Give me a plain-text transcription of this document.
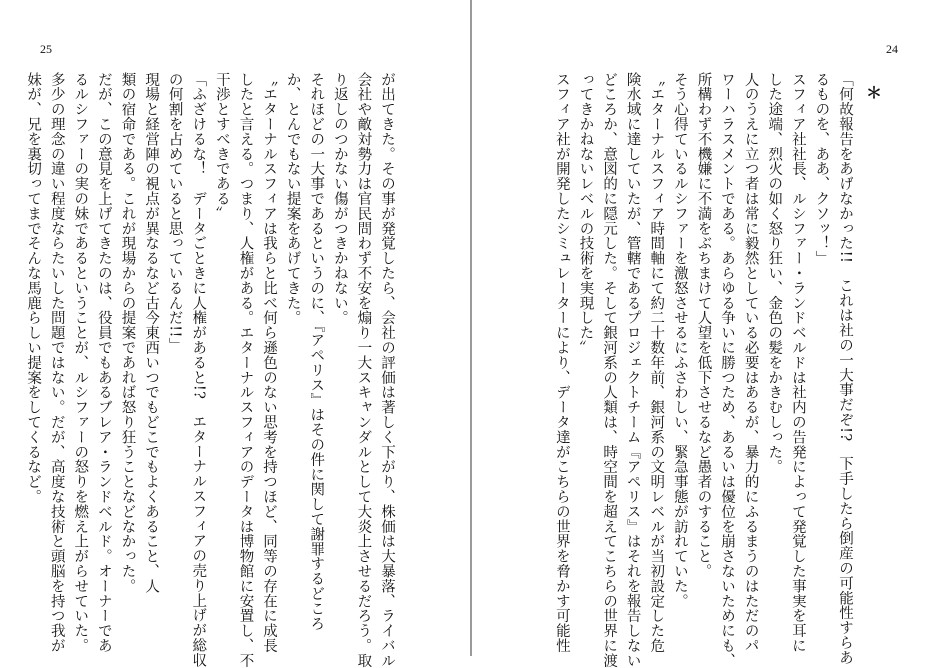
25
が出てきた。その事が発覚したら、会社の評価は著しく下がり、株価は大暴落、ライバル
会社や敵対勢力は官民問わず不安を煽り一大スキャンダルとして大炎上させるだろう。取
り返しのつかない傷がつきかねない。
それほどの一大事であるというのに、『アペリス』はその件に関して謝罪するどころ
か、とんでもない提案をあげてきた。
〝エターナルスフィアは我らと比べ何ら遜色のない思考を持つほど、同等の存在に成長
したと言える。つまり、人権がある。エターナルスフィアのデータは博物館に安置し、不
干渉とすべきである〟
「ふざけるな！　データごときに人権があると!?　エターナルスフィアの売り上げが総収
の何割を占めていると思っているんだ!!」
現場と経営陣の視点が異なるなど古今東西いつでもどこでもよくあること、人
類の宿命である。これが現場からの提案であれば怒り狂うことなどなかった。
だが、この意見を上げてきたのは、役員でもあるブレア・ランドベルド。オーナーであ
るルシファーの実の妹であるということが、ルシファーの怒りを燃え上がらせていた。
多少の理念の違い程度ならたいした問題ではない。だが、高度な技術と頭脳を持つ我が
妹が、兄を裏切ってまでそんな馬鹿らしい提案をしてくるなど。
24
＊
「何故報告をあげなかった!!　これは社の一大事だぞ!?　下手したら倒産の可能性すらあ
るものを、ああ、クソッ！」
スフィア社社長、ルシファー・ランドベルドは社内の告発によって発覚した事実を耳に
した途端、烈火の如く怒り狂い、金色の髪をかきむしった。
人のうえに立つ者は常に毅然としている必要はあるが、暴力的にふるまうのはただのパ
ワーハラスメントである。あらゆる争いに勝つため、あるいは優位を崩さないためにも、
所構わず不機嫌に不満をぶちまけて人望を低下させるなど愚者のすること。
そう心得ているルシファーを激怒させるにふさわしい、緊急事態が訪れていた。
〝エターナルスフィア時間軸にて約二十数年前、銀河系の文明レベルが当初設定した危
険水域に達していたが、管轄であるプロジェクトチーム『アペリス』はそれを報告しない
どころか、意図的に隠元した。そして銀河系の人類は、時空間を超えてこちらの世界に渡
ってきかねないレベルの技術を実現した〟
スフィア社が開発したシミュレーターにより、データ達がこちらの世界を脅かす可能性
